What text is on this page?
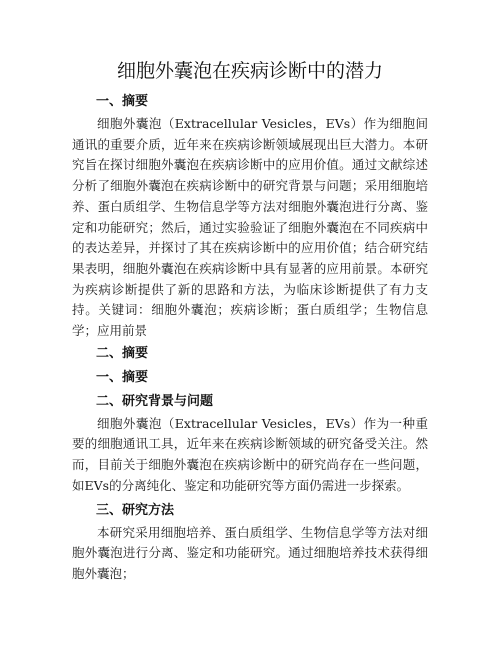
细胞外囊泡在疾病诊断中的潜力
一、摘要

细胞外囊泡（Extracellular Vesicles，EVs）作为细胞间通讯的重要介质，近年来在疾病诊断领域展现出巨大潜力。本研究旨在探讨细胞外囊泡在疾病诊断中的应用价值。通过文献综述分析了细胞外囊泡在疾病诊断中的研究背景与问题；采用细胞培养、蛋白质组学、生物信息学等方法对细胞外囊泡进行分离、鉴定和功能研究；然后，通过实验验证了细胞外囊泡在不同疾病中的表达差异，并探讨了其在疾病诊断中的应用价值；结合研究结果表明，细胞外囊泡在疾病诊断中具有显著的应用前景。本研究为疾病诊断提供了新的思路和方法，为临床诊断提供了有力支持。关键词：细胞外囊泡；疾病诊断；蛋白质组学；生物信息学；应用前景

二、摘要
一、摘要
二、研究背景与问题

细胞外囊泡（Extracellular Vesicles，EVs）作为一种重要的细胞通讯工具，近年来在疾病诊断领域的研究备受关注。然而，目前关于细胞外囊泡在疾病诊断中的研究尚存在一些问题，如EVs的分离纯化、鉴定和功能研究等方面仍需进一步探索。

三、研究方法

本研究采用细胞培养、蛋白质组学、生物信息学等方法对细胞外囊泡进行分离、鉴定和功能研究。通过细胞培养技术获得细胞外囊泡；
